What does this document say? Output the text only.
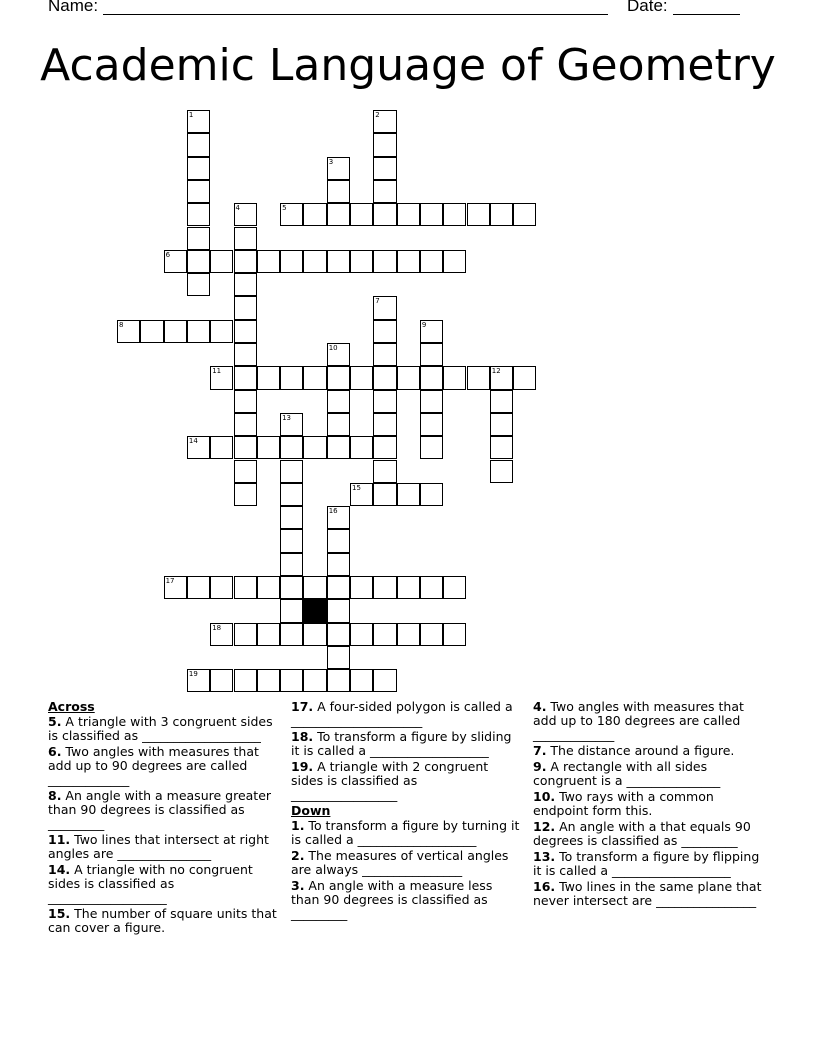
Name:	Date:
Academic Language of Geometry
1	2
3
4	5
6
7
8	9
10
11	12
13
14
15
16
17
18
19
Across
5. A triangle with 3 congruent sides is classified as ___________________
6. Two angles with measures that add up to 90 degrees are called _____________
8. An angle with a measure greater than 90 degrees is classified as _________
11. Two lines that intersect at right angles are _______________
14. A triangle with no congruent sides is classified as ___________________
15. The number of square units that can cover a figure.
17. A four-sided polygon is called a _____________________
18. To transform a figure by sliding it is called a ___________________
19. A triangle with 2 congruent sides is classified as _________________
Down
1. To transform a figure by turning it is called a ___________________
2. The measures of vertical angles are always ________________
3. An angle with a measure less than 90 degrees is classified as _________
4. Two angles with measures that add up to 180 degrees are called _____________
7. The distance around a figure.
9. A rectangle with all sides congruent is a _______________
10. Two rays with a common endpoint form this.
12. An angle with a that equals 90 degrees is classified as _________
13. To transform a figure by flipping it is called a ___________________
16. Two lines in the same plane that never intersect are ________________
